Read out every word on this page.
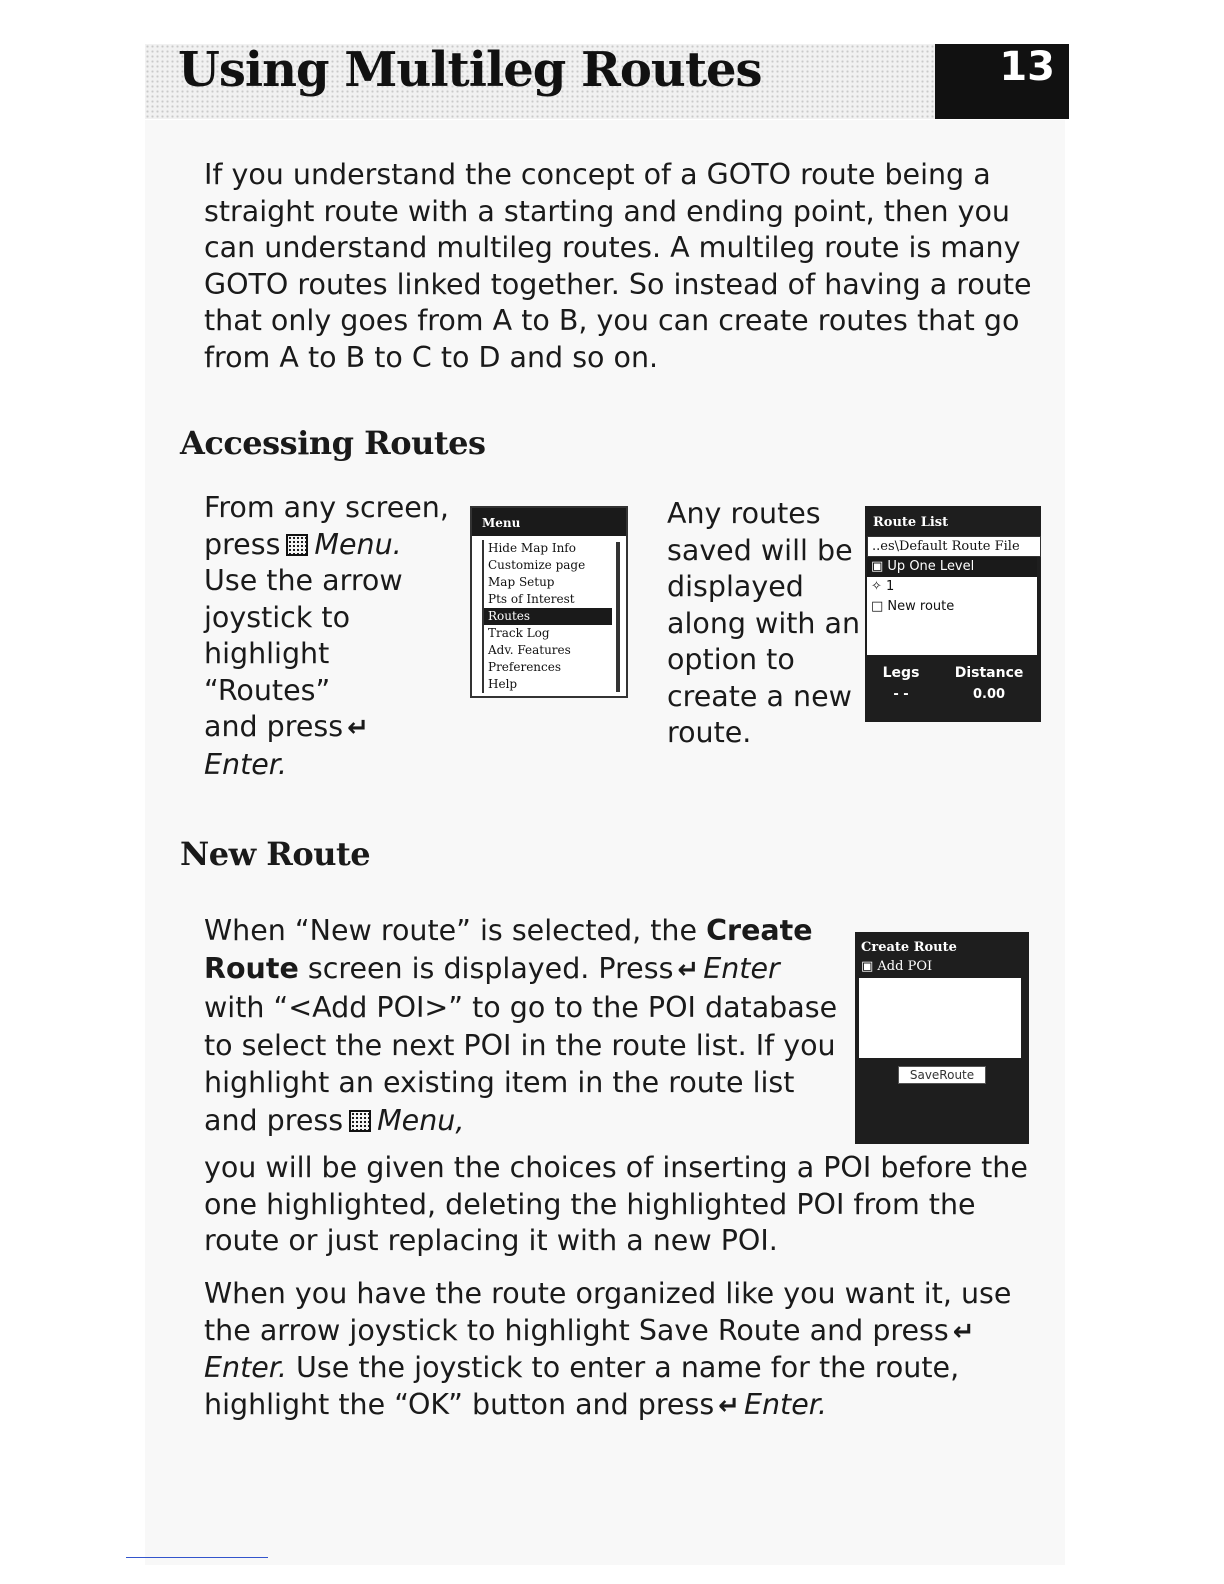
Using Multileg Routes	13

If you understand the concept of a GOTO route being a straight route with a starting and ending point, then you can understand multileg routes. A multileg route is many GOTO routes linked together. So instead of having a route that only goes from A to B, you can create routes that go from A to B to C to D and so on.

Accessing Routes

From any screen,
press Menu.
Use the arrow joystick to highlight “Routes”
and press ↵
Enter.

Menu
Hide Map Info
Customize page
Map Setup
Pts of Interest
Routes
Track Log
Adv. Features
Preferences
Help

Any routes saved will be displayed along with an option to create a new route.

Route List
..es\Default Route File
▣ Up One Level
✧ 1
□ New route
Legs
- -
Distance
0.00
New Route

When “New route” is selected, the Create Route screen is displayed. Press ↵ Enter with “<Add POI>” to go to the POI database to select the next POI in the route list. If you highlight an existing item in the route list and press Menu,

you will be given the choices of inserting a POI before the one highlighted, deleting the highlighted POI from the route or just replacing it with a new POI.

Create Route
▣ Add POI
SaveRoute

When you have the route organized like you want it, use the arrow joystick to highlight Save Route and press ↵Enter. Use the joystick to enter a name for the route, highlight the “OK” button and press ↵ Enter.
